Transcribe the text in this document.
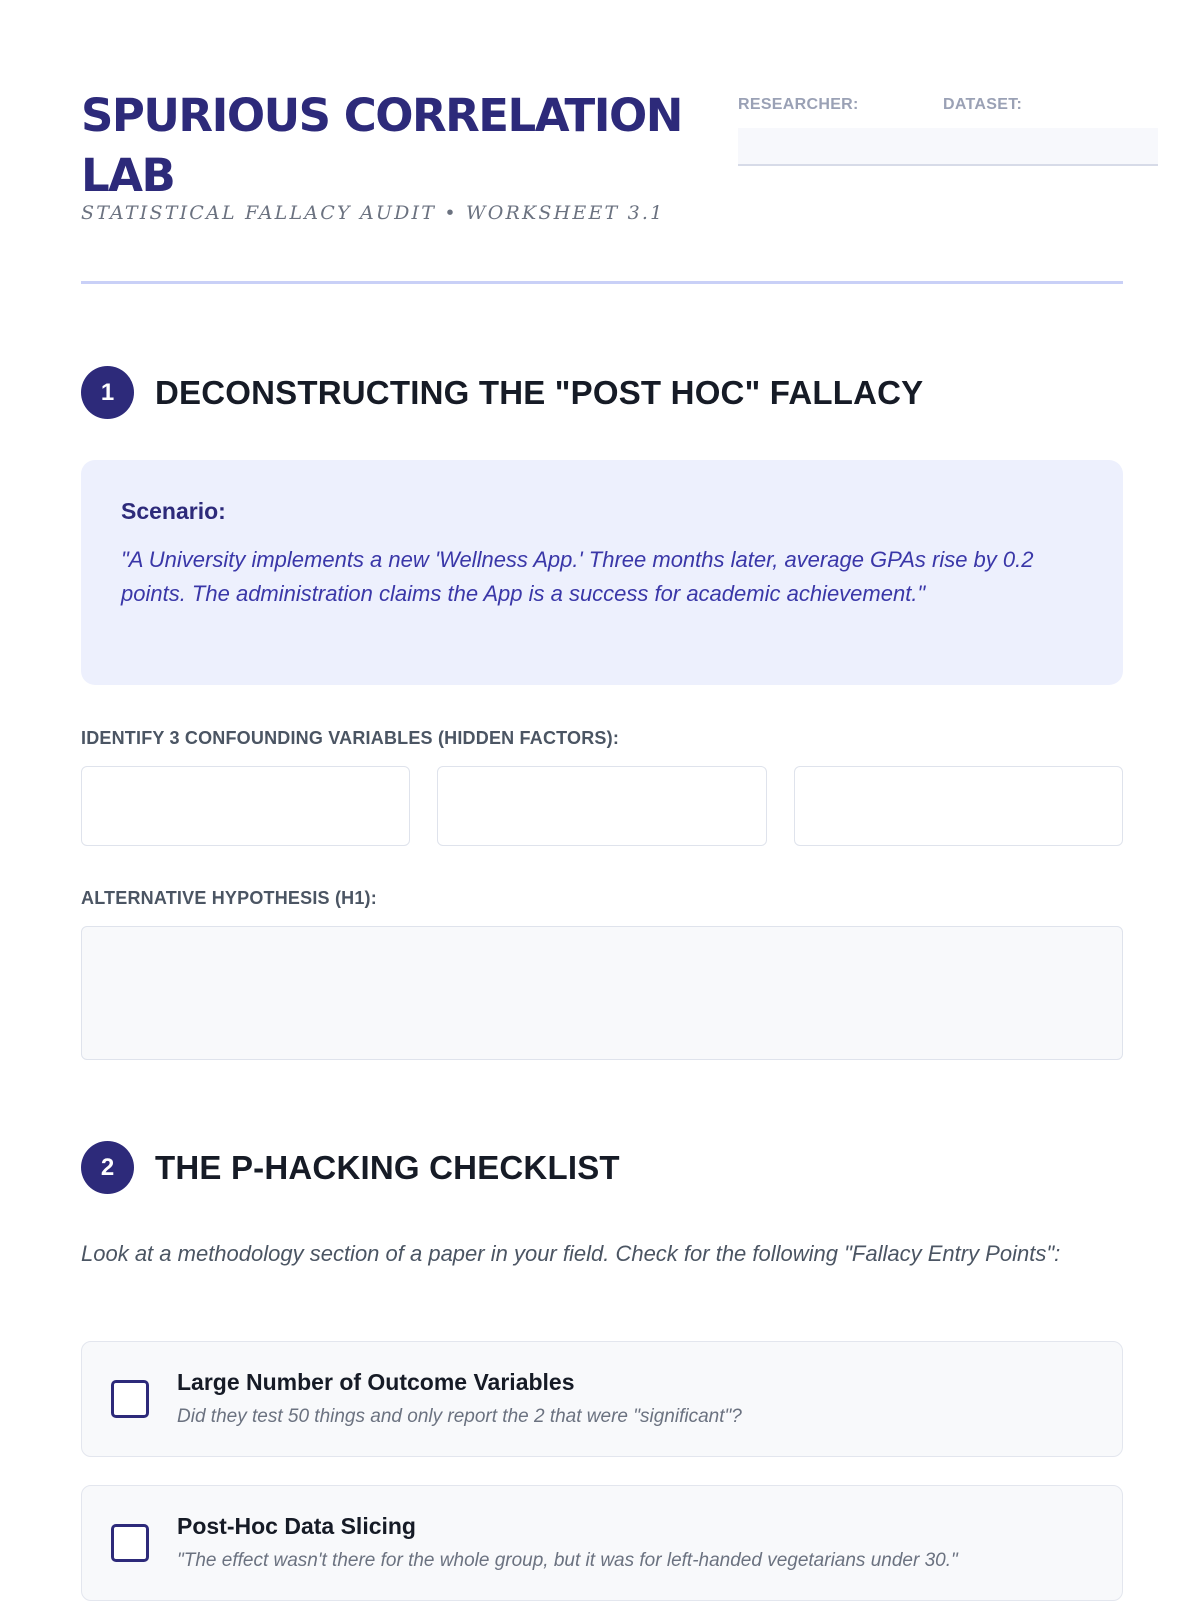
SPURIOUS CORRELATION LAB
STATISTICAL FALLACY AUDIT • WORKSHEET 3.1
RESEARCHER:	DATASET:
1	DECONSTRUCTING THE "POST HOC" FALLACY

Scenario:

"A University implements a new 'Wellness App.' Three months later, average GPAs rise by 0.2 points. The administration claims the App is a success for academic achievement."

IDENTIFY 3 CONFOUNDING VARIABLES (HIDDEN FACTORS):
ALTERNATIVE HYPOTHESIS (H1):
2	THE P-HACKING CHECKLIST

Look at a methodology section of a paper in your field. Check for the following "Fallacy Entry Points":

Large Number of Outcome Variables
Did they test 50 things and only report the 2 that were "significant"?
Post-Hoc Data Slicing
"The effect wasn't there for the whole group, but it was for left-handed vegetarians under 30."
